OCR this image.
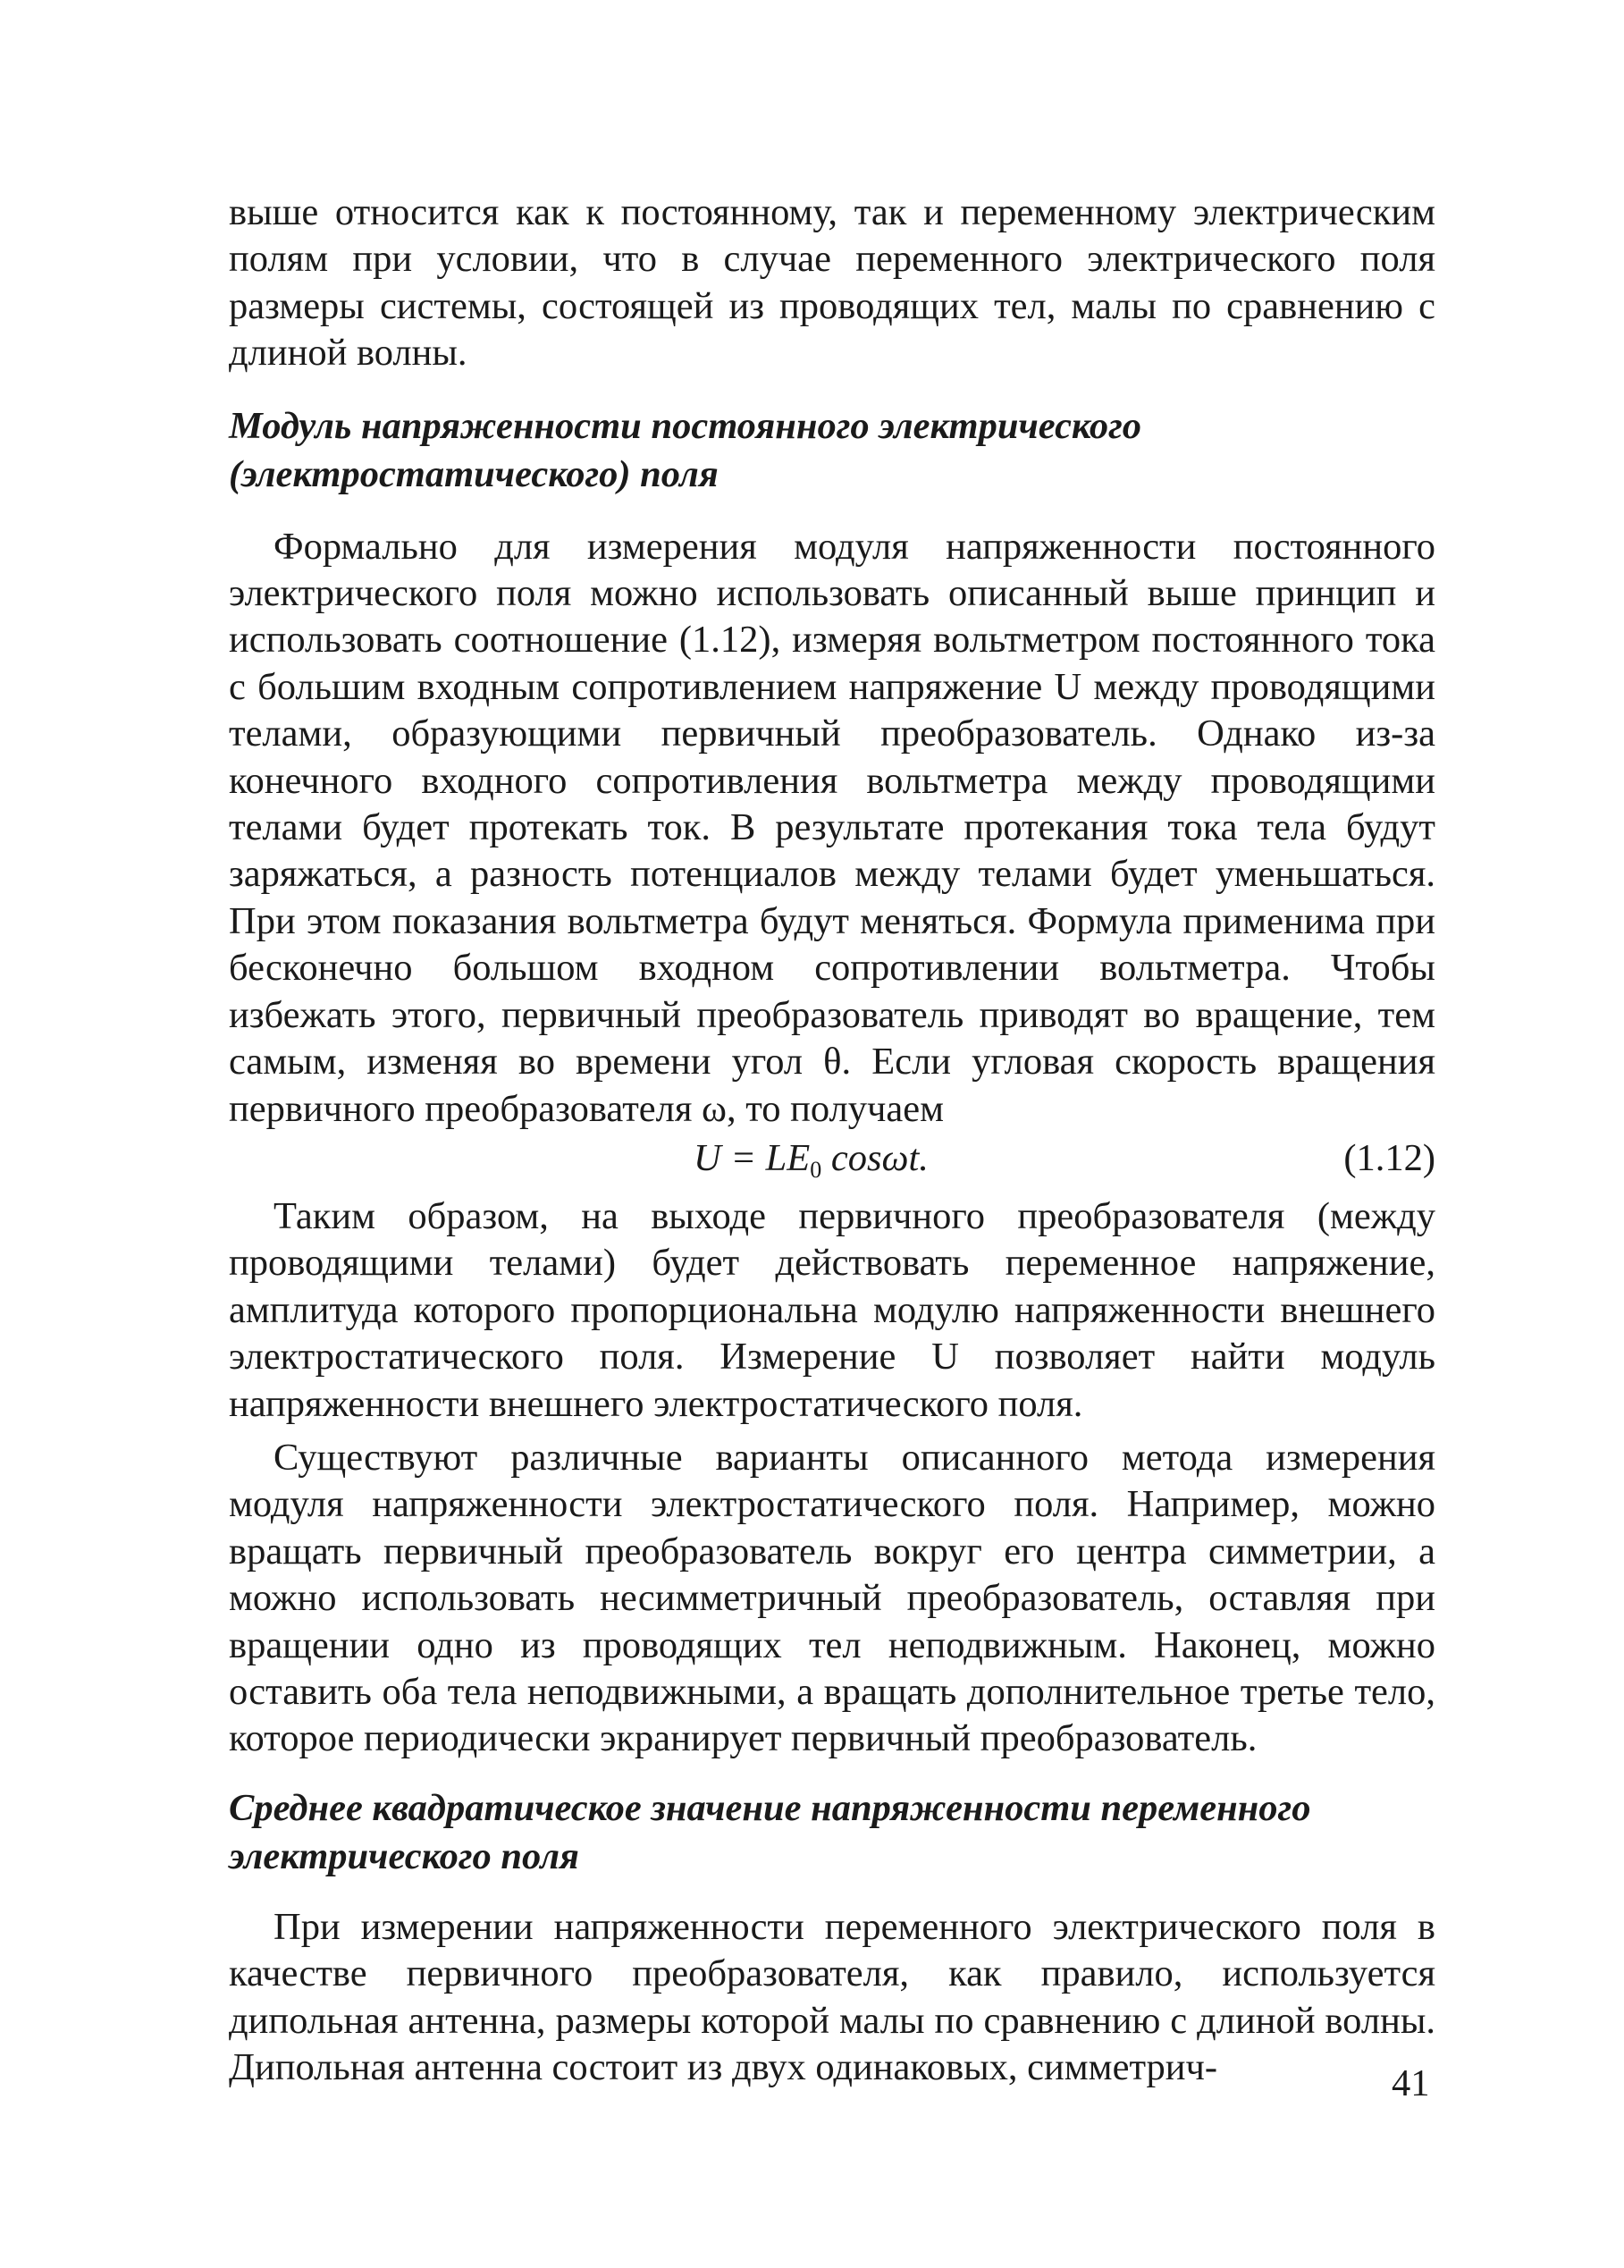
выше относится как к постоянному, так и переменному электрическим полям при условии, что в случае переменного электрического поля размеры системы, состоящей из проводящих тел, малы по сравнению с длиной волны.

Модуль напряженности постоянного электрического (электростатического) поля

Формально для измерения модуля напряженности постоянного электрического поля можно использовать описанный выше принцип и использовать соотношение (1.12), измеряя вольтметром постоянного тока с большим входным сопротивлением напряжение U между проводящими телами, образующими первичный преобразователь. Однако из-за конечного входного сопротивления вольтметра между проводящими телами будет протекать ток. В результате протекания тока тела будут заряжаться, а разность потенциалов между телами будет уменьшаться. При этом показания вольтметра будут меняться. Формула применима при бесконечно большом входном сопротивлении вольтметра. Чтобы избежать этого, первичный преобразователь приводят во вращение, тем самым, изменяя во времени угол θ. Если угловая скорость вращения первичного преобразователя ω, то получаем

$U = LE_0$ cosωt.	(1.12)

Таким образом, на выходе первичного преобразователя (между проводящими телами) будет действовать переменное напряжение, амплитуда которого пропорциональна модулю напряженности внешнего электростатического поля. Измерение U позволяет найти модуль напряженности внешнего электростатического поля.

Существуют различные варианты описанного метода измерения модуля напряженности электростатического поля. Например, можно вращать первичный преобразователь вокруг его центра симметрии, а можно использовать несимметричный преобразователь, оставляя при вращении одно из проводящих тел неподвижным. Наконец, можно оставить оба тела неподвижными, а вращать дополнительное третье тело, которое периодически экранирует первичный преобразователь.

Среднее квадратическое значение напряженности переменного электрического поля

При измерении напряженности переменного электрического поля в качестве первичного преобразователя, как правило, используется дипольная антенна, размеры которой малы по сравнению с длиной волны. Дипольная антенна состоит из двух одинаковых, симметрич-	41
